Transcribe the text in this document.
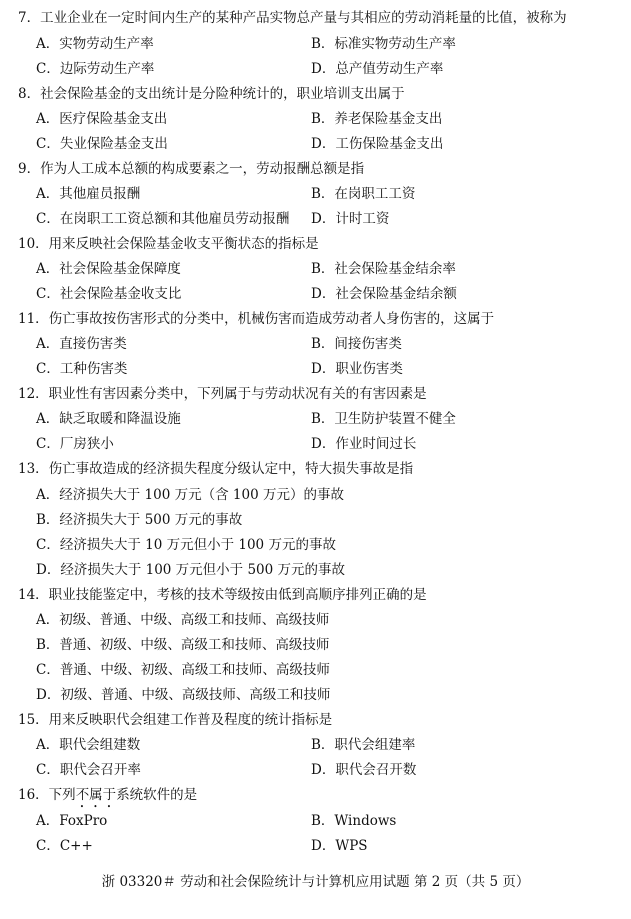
7．工业企业在一定时间内生产的某种产品实物总产量与其相应的劳动消耗量的比值，被称为
A．实物劳动生产率	B．标准实物劳动生产率
C．边际劳动生产率	D．总产值劳动生产率
8．社会保险基金的支出统计是分险种统计的，职业培训支出属于
A．医疗保险基金支出	B．养老保险基金支出
C．失业保险基金支出	D．工伤保险基金支出
9．作为人工成本总额的构成要素之一，劳动报酬总额是指
A．其他雇员报酬	B．在岗职工工资
C．在岗职工工资总额和其他雇员劳动报酬 D．计时工资
10．用来反映社会保险基金收支平衡状态的指标是
A．社会保险基金保障度	B．社会保险基金结余率
C．社会保险基金收支比	D．社会保险基金结余额
11．伤亡事故按伤害形式的分类中，机械伤害而造成劳动者人身伤害的，这属于
A．直接伤害类	B．间接伤害类
C．工种伤害类	D．职业伤害类
12．职业性有害因素分类中，下列属于与劳动状况有关的有害因素是
A．缺乏取暖和降温设施	B．卫生防护装置不健全
C．厂房狭小	D．作业时间过长
13．伤亡事故造成的经济损失程度分级认定中，特大损失事故是指
A．经济损失大于 100 万元（含 100 万元）的事故
B．经济损失大于 500 万元的事故
C．经济损失大于 10 万元但小于 100 万元的事故
D．经济损失大于 100 万元但小于 500 万元的事故
14．职业技能鉴定中，考核的技术等级按由低到高顺序排列正确的是
A．初级、普通、中级、高级工和技师、高级技师
B．普通、初级、中级、高级工和技师、高级技师
C．普通、中级、初级、高级工和技师、高级技师
D．初级、普通、中级、高级技师、高级工和技师
15．用来反映职代会组建工作普及程度的统计指标是
A．职代会组建数	B．职代会组建率
C．职代会召开率	D．职代会召开数
16．下列不属于系统软件的是
A．FoxPro	B．Windows
C．C++	D．WPS
浙 03320＃ 劳动和社会保险统计与计算机应用试题 第 2 页（共 5 页）
